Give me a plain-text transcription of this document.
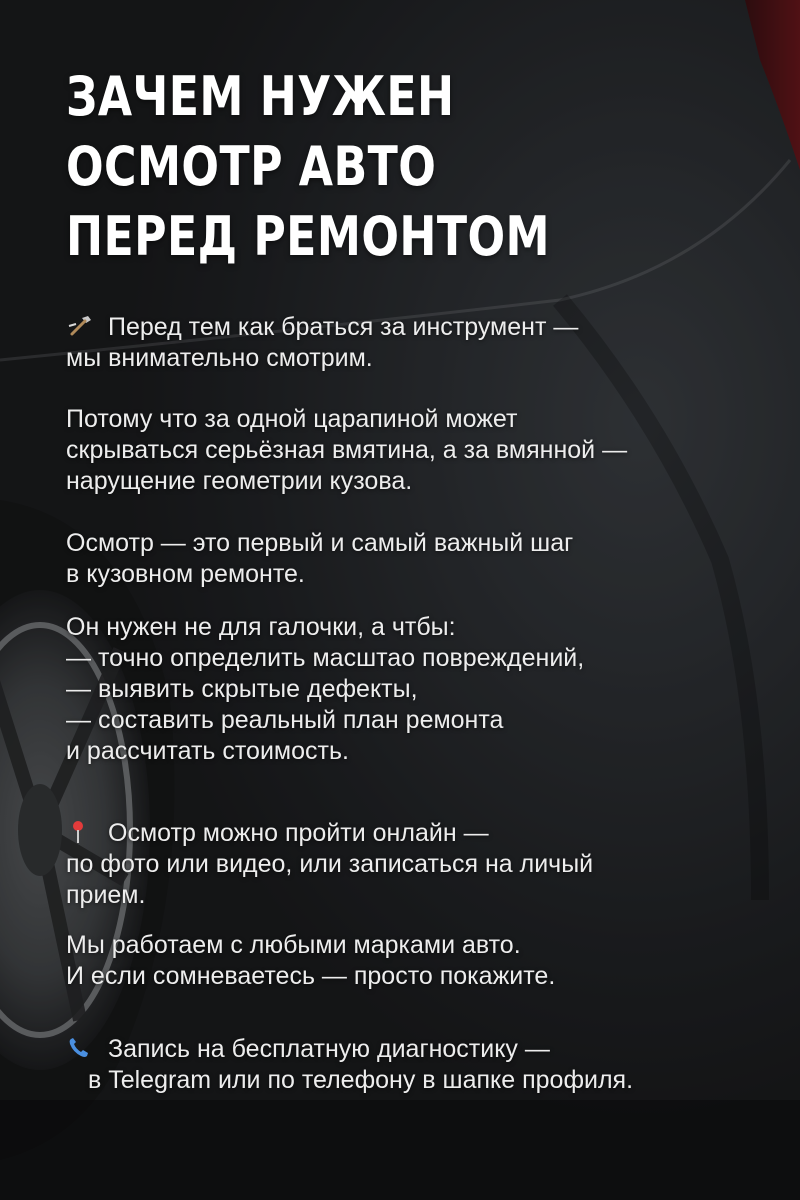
ЗАЧЕМ НУЖЕН
ОСМОТР АВТО
ПЕРЕД РЕМОНТОМ

Перед тем как браться за инструмент —
мы внимательно смотрим.

Потому что за одной царапиной может
скрываться серьёзная вмятина, а за вмянной —
нарущение геометрии кузова.

Осмотр — это первый и самый важный шаг
в кузовном ремонте.

Он нужен не для галочки, а чтбы:
— точно определить масштао повреждений,
— выявить скрытые дефекты,
— составить реальный план ремонта
и рассчитать стоимость.

Осмотр можно пройти онлайн —
по фото или видео, или записаться на личый
прием.

Мы работаем с любыми марками авто.
И если сомневаетесь — просто покажите.

Запись на бесплатную диагностику —
в Telegram или по телефону в шапке профиля.
